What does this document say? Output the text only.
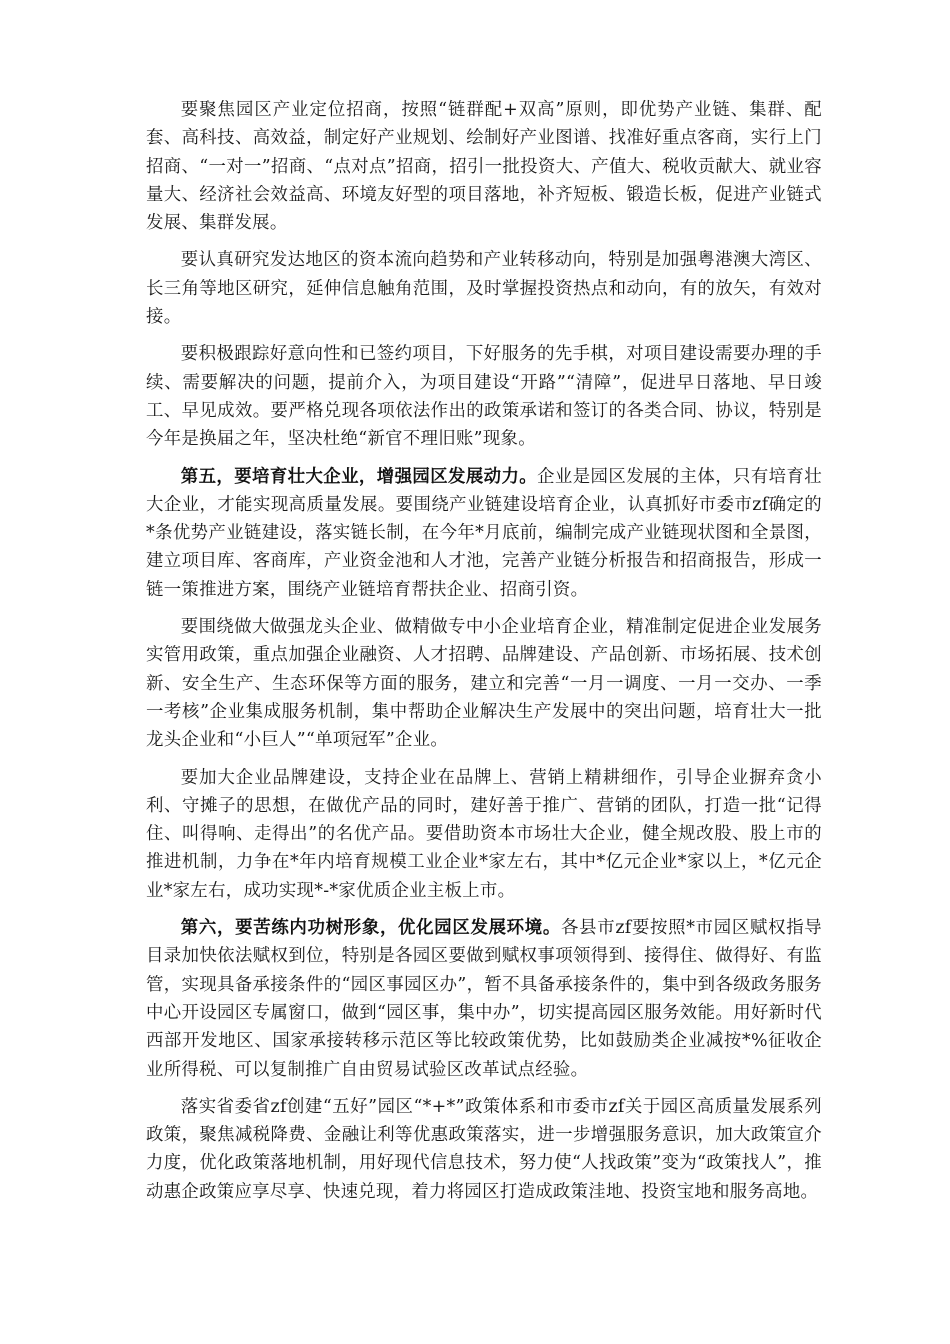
要聚焦园区产业定位招商，按照“链群配+双高”原则，即优势产业链、集群、配套、高科技、高效益，制定好产业规划、绘制好产业图谱、找准好重点客商，实行上门招商、“一对一”招商、“点对点”招商，招引一批投资大、产值大、税收贡献大、就业容量大、经济社会效益高、环境友好型的项目落地，补齐短板、锻造长板，促进产业链式发展、集群发展。

要认真研究发达地区的资本流向趋势和产业转移动向，特别是加强粤港澳大湾区、长三角等地区研究，延伸信息触角范围，及时掌握投资热点和动向，有的放矢，有效对接。

要积极跟踪好意向性和已签约项目，下好服务的先手棋，对项目建设需要办理的手续、需要解决的问题，提前介入，为项目建设“开路”“清障”，促进早日落地、早日竣工、早见成效。要严格兑现各项依法作出的政策承诺和签订的各类合同、协议，特别是今年是换届之年，坚决杜绝“新官不理旧账”现象。

第五，要培育壮大企业，增强园区发展动力。企业是园区发展的主体，只有培育壮大企业，才能实现高质量发展。要围绕产业链建设培育企业，认真抓好市委市zf确定的*条优势产业链建设，落实链长制，在今年*月底前，编制完成产业链现状图和全景图，建立项目库、客商库，产业资金池和人才池，完善产业链分析报告和招商报告，形成一链一策推进方案，围绕产业链培育帮扶企业、招商引资。

要围绕做大做强龙头企业、做精做专中小企业培育企业，精准制定促进企业发展务实管用政策，重点加强企业融资、人才招聘、品牌建设、产品创新、市场拓展、技术创新、安全生产、生态环保等方面的服务，建立和完善“一月一调度、一月一交办、一季一考核”企业集成服务机制，集中帮助企业解决生产发展中的突出问题，培育壮大一批龙头企业和“小巨人”“单项冠军”企业。

要加大企业品牌建设，支持企业在品牌上、营销上精耕细作，引导企业摒弃贪小利、守摊子的思想，在做优产品的同时，建好善于推广、营销的团队，打造一批“记得住、叫得响、走得出”的名优产品。要借助资本市场壮大企业，健全规改股、股上市的推进机制，力争在*年内培育规模工业企业*家左右，其中*亿元企业*家以上，*亿元企业*家左右，成功实现*-*家优质企业主板上市。

第六，要苦练内功树形象，优化园区发展环境。各县市zf要按照*市园区赋权指导目录加快依法赋权到位，特别是各园区要做到赋权事项领得到、接得住、做得好、有监管，实现具备承接条件的“园区事园区办”，暂不具备承接条件的，集中到各级政务服务中心开设园区专属窗口，做到“园区事，集中办”，切实提高园区服务效能。用好新时代西部开发地区、国家承接转移示范区等比较政策优势，比如鼓励类企业减按*%征收企业所得税、可以复制推广自由贸易试验区改革试点经验。

落实省委省zf创建“五好”园区“*+*”政策体系和市委市zf关于园区高质量发展系列政策，聚焦减税降费、金融让利等优惠政策落实，进一步增强服务意识，加大政策宣介力度，优化政策落地机制，用好现代信息技术，努力使“人找政策”变为“政策找人”，推动惠企政策应享尽享、快速兑现，着力将园区打造成政策洼地、投资宝地和服务高地。
